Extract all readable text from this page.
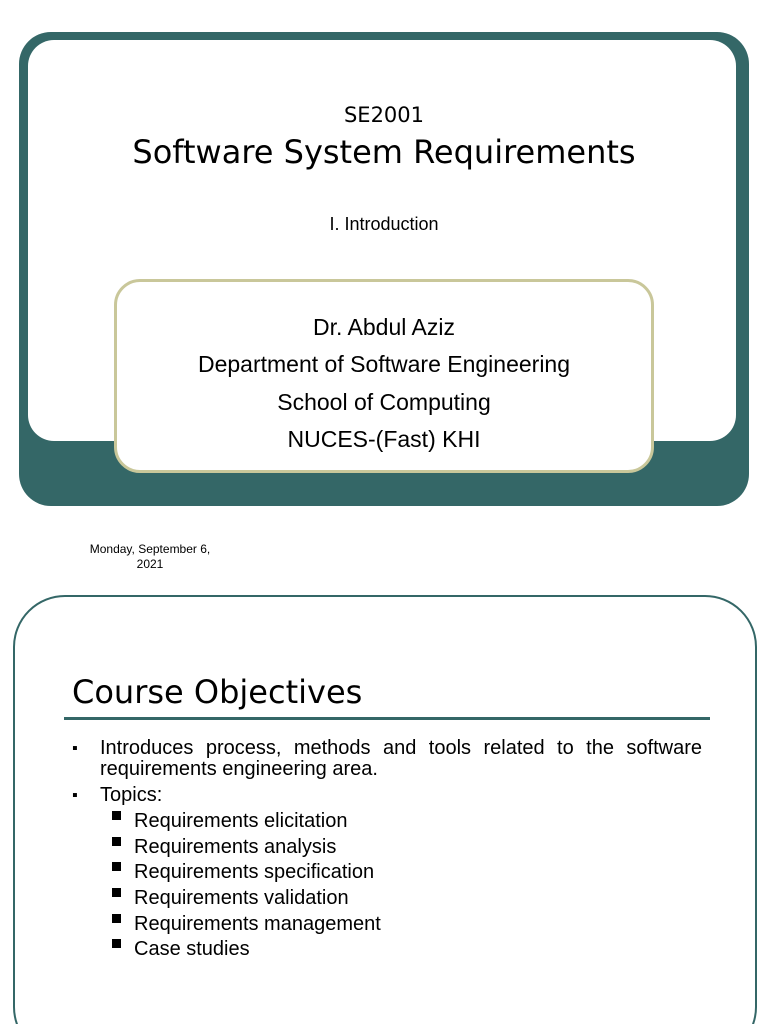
SE2001
Software System Requirements
I. Introduction
Dr. Abdul Aziz
Department of Software Engineering
School of Computing
NUCES-(Fast) KHI
Monday, September 6, 2021
Course Objectives
▪ Introduces process, methods and tools related to the software requirements engineering area.
▪ Topics:
Requirements elicitation
Requirements analysis
Requirements specification
Requirements validation
Requirements management
Case studies
